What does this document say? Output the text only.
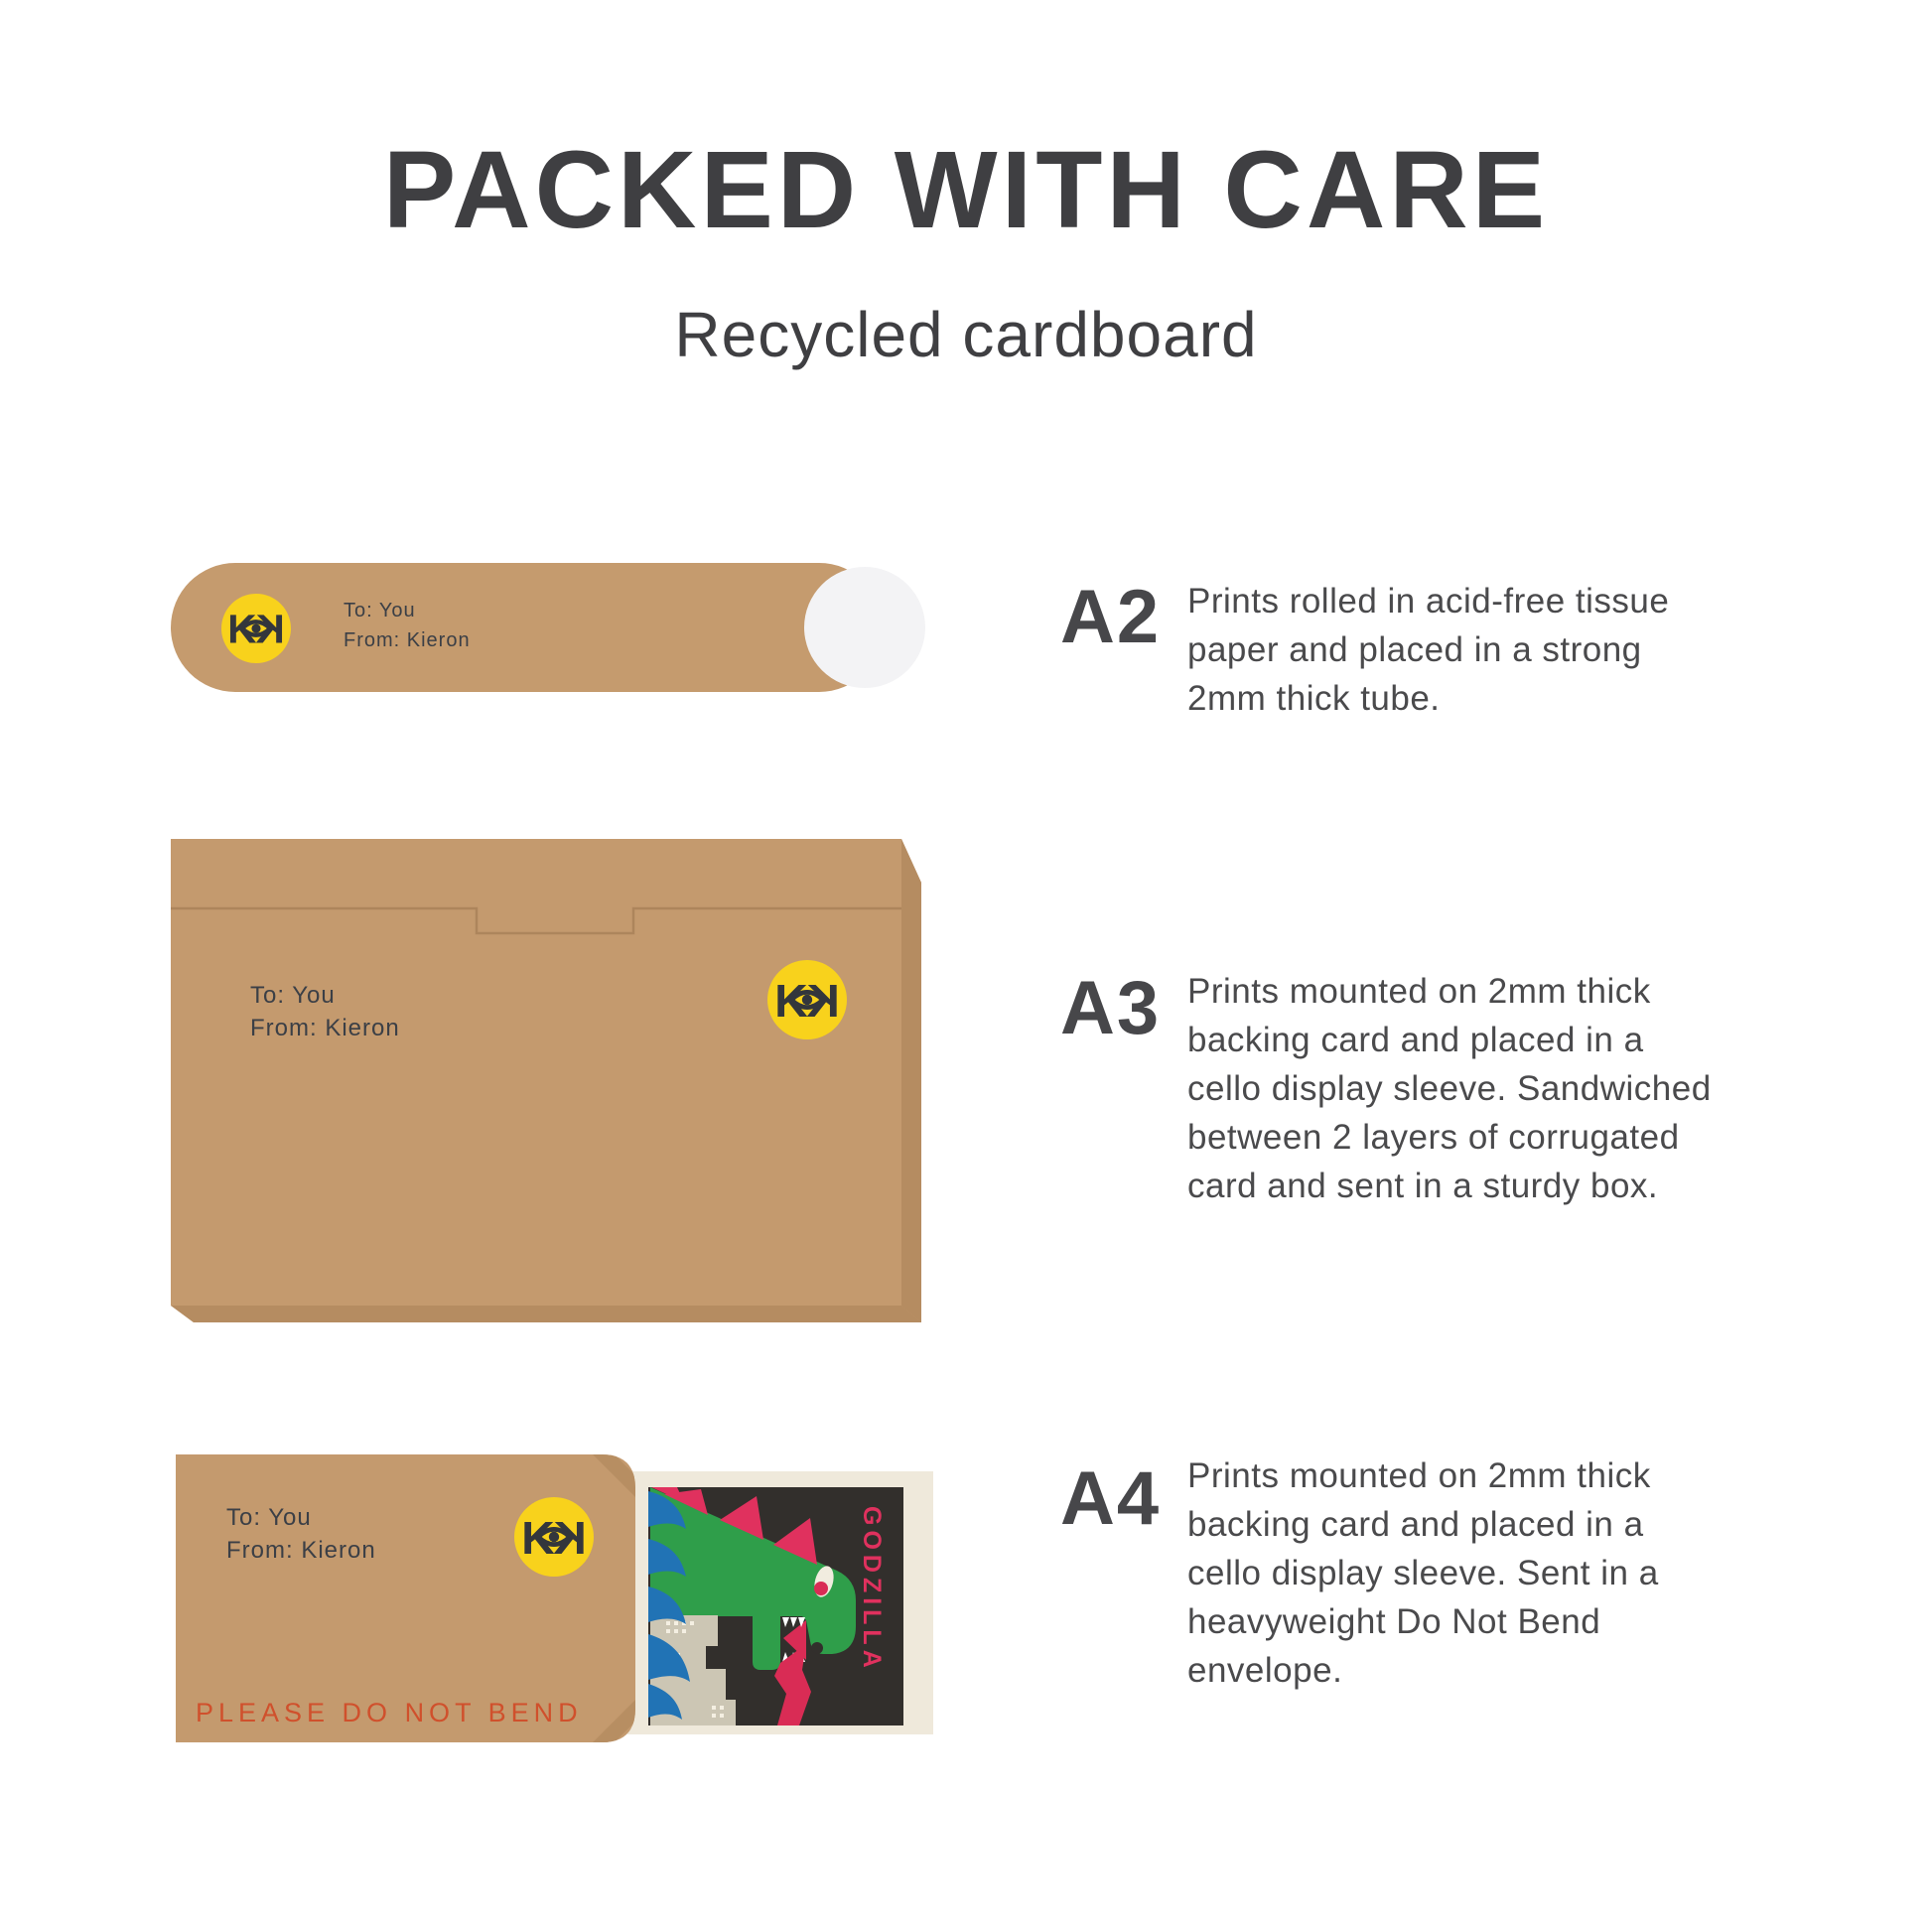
PACKED WITH CARE
Recycled cardboard
To: You
From: Kieron	A2 Prints rolled in acid-free tissue
paper and placed in a strong
2mm thick tube.
To: You
From: Kieron	A3 Prints mounted on 2mm thick
backing card and placed in a
cello display sleeve. Sandwiched
between 2 layers of corrugated
card and sent in a sturdy box.
GODZILLA
To: You
From: Kieron
PLEASE DO NOT BEND
A4 Prints mounted on 2mm thick
backing card and placed in a
cello display sleeve. Sent in a
heavyweight Do Not Bend
envelope.
